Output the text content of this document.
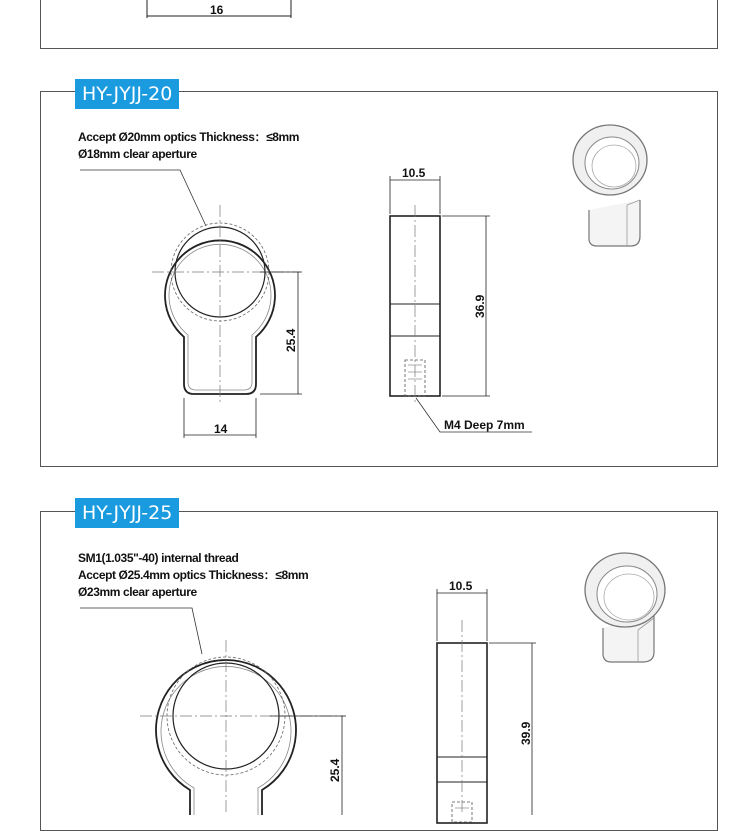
16
HY-JYJJ-20
Accept Ø20mm optics Thickness：≤8mm
Ø18mm clear aperture
14
25.4
10.5
36.9
M4 Deep 7mm
HY-JYJJ-25
SM1(1.035"-40) internal thread
Accept Ø25.4mm optics Thickness：≤8mm
Ø23mm clear aperture
25.4
10.5
39.9
